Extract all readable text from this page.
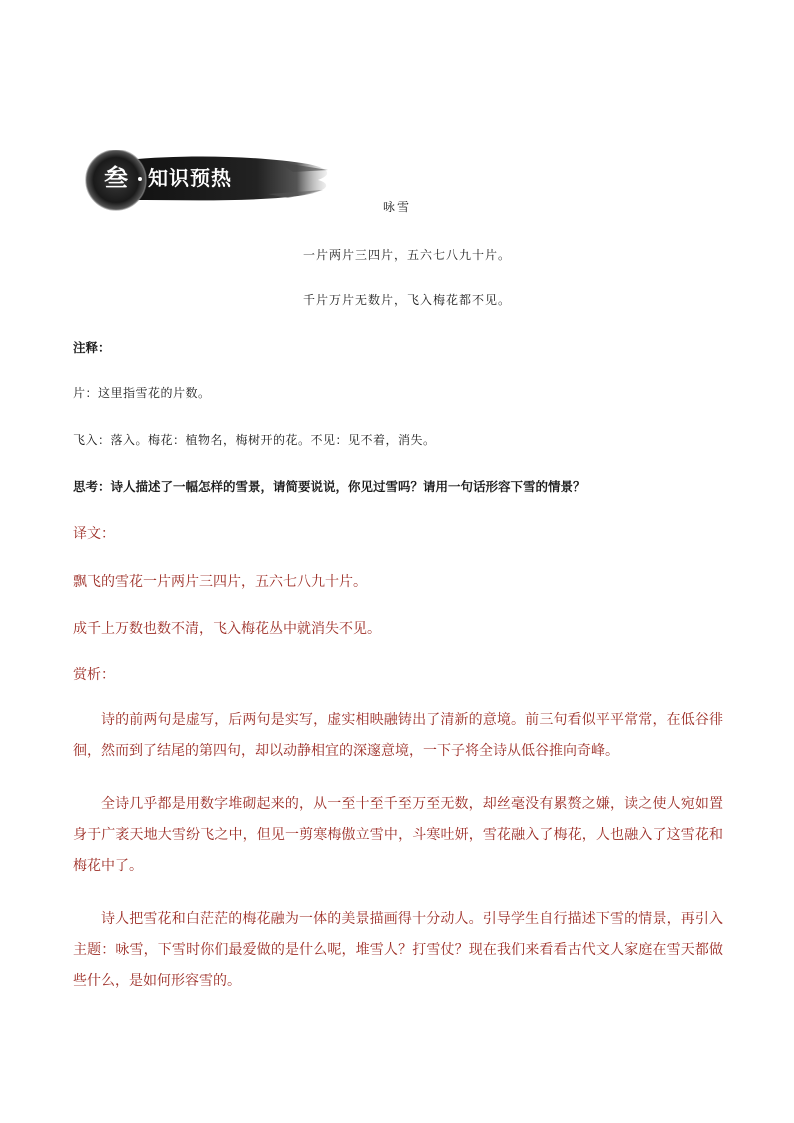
叁	知识预热
咏雪
一片两片三四片，五六七八九十片。
千片万片无数片，飞入梅花都不见。
注释：
片：这里指雪花的片数。
飞入：落入。梅花：植物名，梅树开的花。不见：见不着，消失。
思考：诗人描述了一幅怎样的雪景，请简要说说，你见过雪吗？请用一句话形容下雪的情景？
译文：
飘飞的雪花一片两片三四片，五六七八九十片。
成千上万数也数不清，飞入梅花丛中就消失不见。
赏析：
诗的前两句是虚写，后两句是实写，虚实相映融铸出了清新的意境。前三句看似平平常常，在低谷徘徊，然而到了结尾的第四句，却以动静相宜的深邃意境，一下子将全诗从低谷推向奇峰。
全诗几乎都是用数字堆砌起来的，从一至十至千至万至无数，却丝毫没有累赘之嫌，读之使人宛如置身于广袤天地大雪纷飞之中，但见一剪寒梅傲立雪中，斗寒吐妍，雪花融入了梅花，人也融入了这雪花和梅花中了。
诗人把雪花和白茫茫的梅花融为一体的美景描画得十分动人。引导学生自行描述下雪的情景，再引入主题：咏雪，下雪时你们最爱做的是什么呢，堆雪人？打雪仗？现在我们来看看古代文人家庭在雪天都做些什么，是如何形容雪的。
